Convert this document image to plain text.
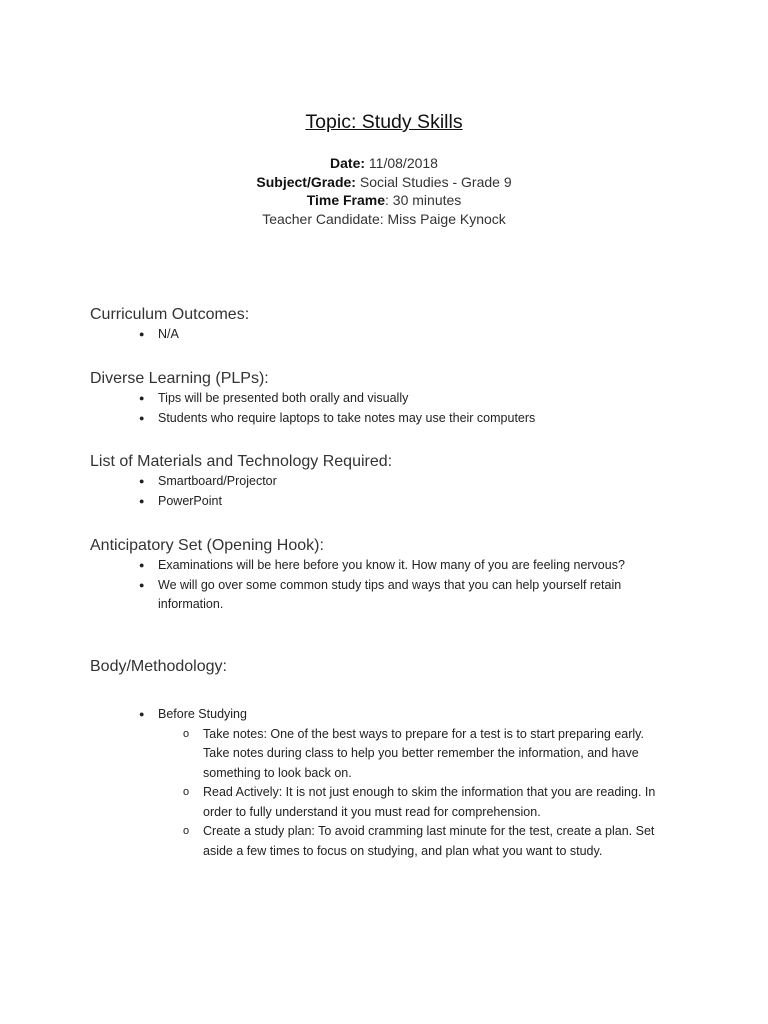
Topic: Study Skills
Date: 11/08/2018
Subject/Grade: Social Studies - Grade 9
Time Frame: 30 minutes
Teacher Candidate: Miss Paige Kynock

Curriculum Outcomes:

● N/A

Diverse Learning (PLPs):

● Tips will be presented both orally and visually
● Students who require laptops to take notes may use their computers

List of Materials and Technology Required:

● Smartboard/Projector
● PowerPoint

Anticipatory Set (Opening Hook):

● Examinations will be here before you know it. How many of you are feeling nervous?
● We will go over some common study tips and ways that you can help yourself retain information.

Body/Methodology:

● Before Studying
o Take notes: One of the best ways to prepare for a test is to start preparing early. Take notes during class to help you better remember the information, and have something to look back on.
o Read Actively: It is not just enough to skim the information that you are reading. In order to fully understand it you must read for comprehension.
o Create a study plan: To avoid cramming last minute for the test, create a plan. Set aside a few times to focus on studying, and plan what you want to study.
